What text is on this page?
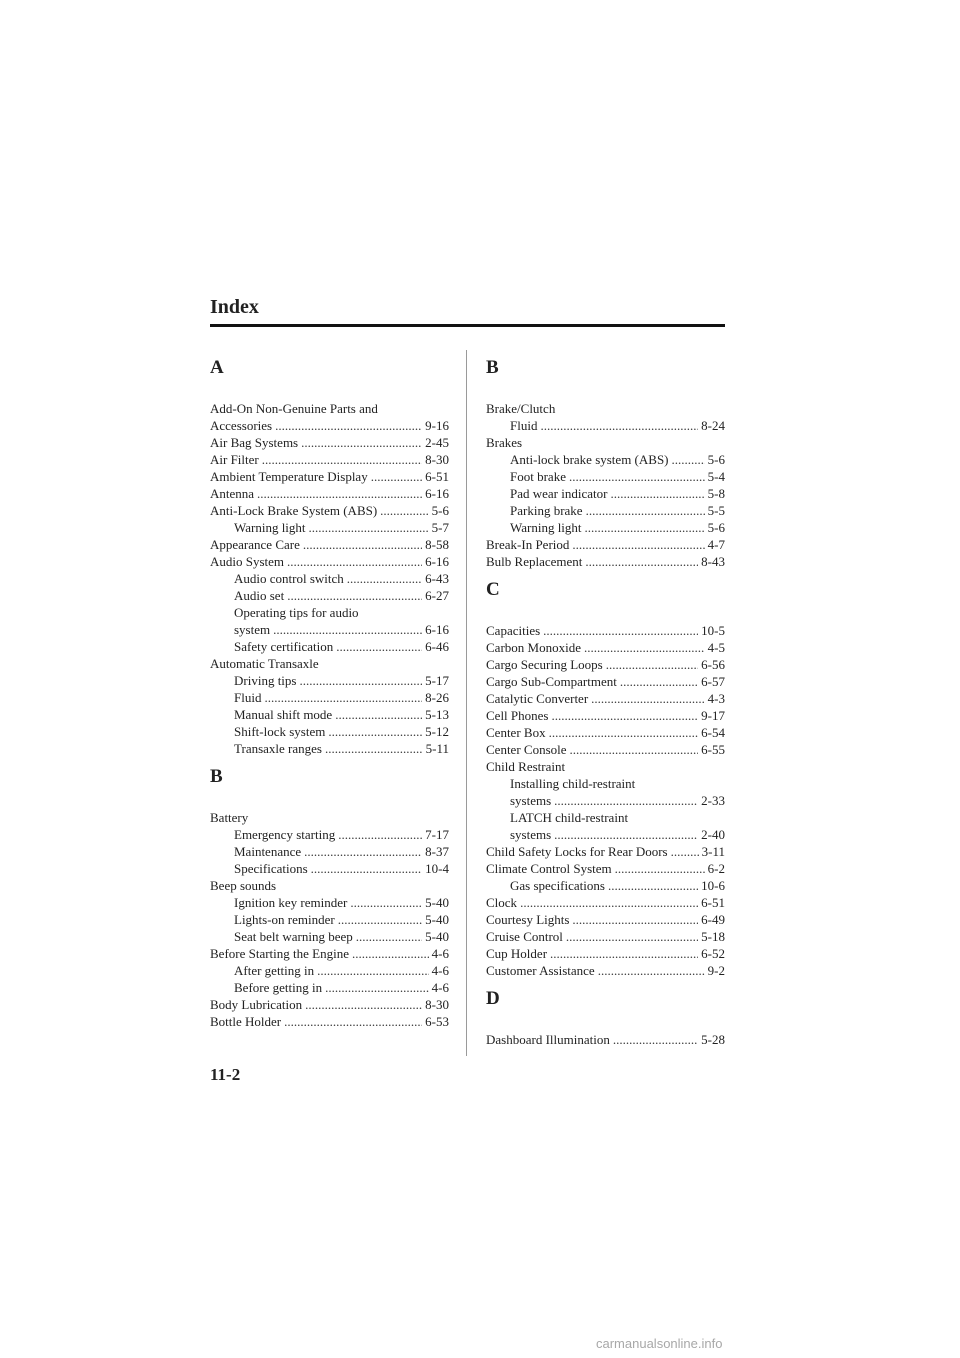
Index
A
Add-On Non-Genuine Parts and
Accessories .....	9-16
Air Bag Systems .....	2-45
Air Filter .....	8-30
Ambient Temperature Display .....	6-51
Antenna .....	6-16
Anti-Lock Brake System (ABS) .....	5-6
Warning light .....	5-7
Appearance Care .....	8-58
Audio System .....	6-16
Audio control switch .....	6-43
Audio set .....	6-27
Operating tips for audio
system .....	6-16
Safety certification .....	6-46
Automatic Transaxle
Driving tips .....	5-17
Fluid .....	8-26
Manual shift mode .....	5-13
Shift-lock system .....	5-12
Transaxle ranges .....	5-11
B
Battery
Emergency starting .....	7-17
Maintenance .....	8-37
Specifications .....	10-4
Beep sounds
Ignition key reminder .....	5-40
Lights-on reminder .....	5-40
Seat belt warning beep .....	5-40
Before Starting the Engine .....	4-6
After getting in .....	4-6
Before getting in .....	4-6
Body Lubrication .....	8-30
Bottle Holder .....	6-53
B
Brake/Clutch
Fluid .....	8-24
Brakes
Anti-lock brake system (ABS) .....	5-6
Foot brake .....	5-4
Pad wear indicator .....	5-8
Parking brake .....	5-5
Warning light .....	5-6
Break-In Period .....	4-7
Bulb Replacement .....	8-43
C
Capacities .....	10-5
Carbon Monoxide .....	4-5
Cargo Securing Loops .....	6-56
Cargo Sub-Compartment .....	6-57
Catalytic Converter .....	4-3
Cell Phones .....	9-17
Center Box .....	6-54
Center Console .....	6-55
Child Restraint
Installing child-restraint
systems .....	2-33
LATCH child-restraint
systems .....	2-40
Child Safety Locks for Rear Doors .....	3-11
Climate Control System .....	6-2
Gas specifications .....	10-6
Clock .....	6-51
Courtesy Lights .....	6-49
Cruise Control .....	5-18
Cup Holder .....	6-52
Customer Assistance .....	9-2
D
Dashboard Illumination .....	5-28
11-2
carmanualsonline.info
